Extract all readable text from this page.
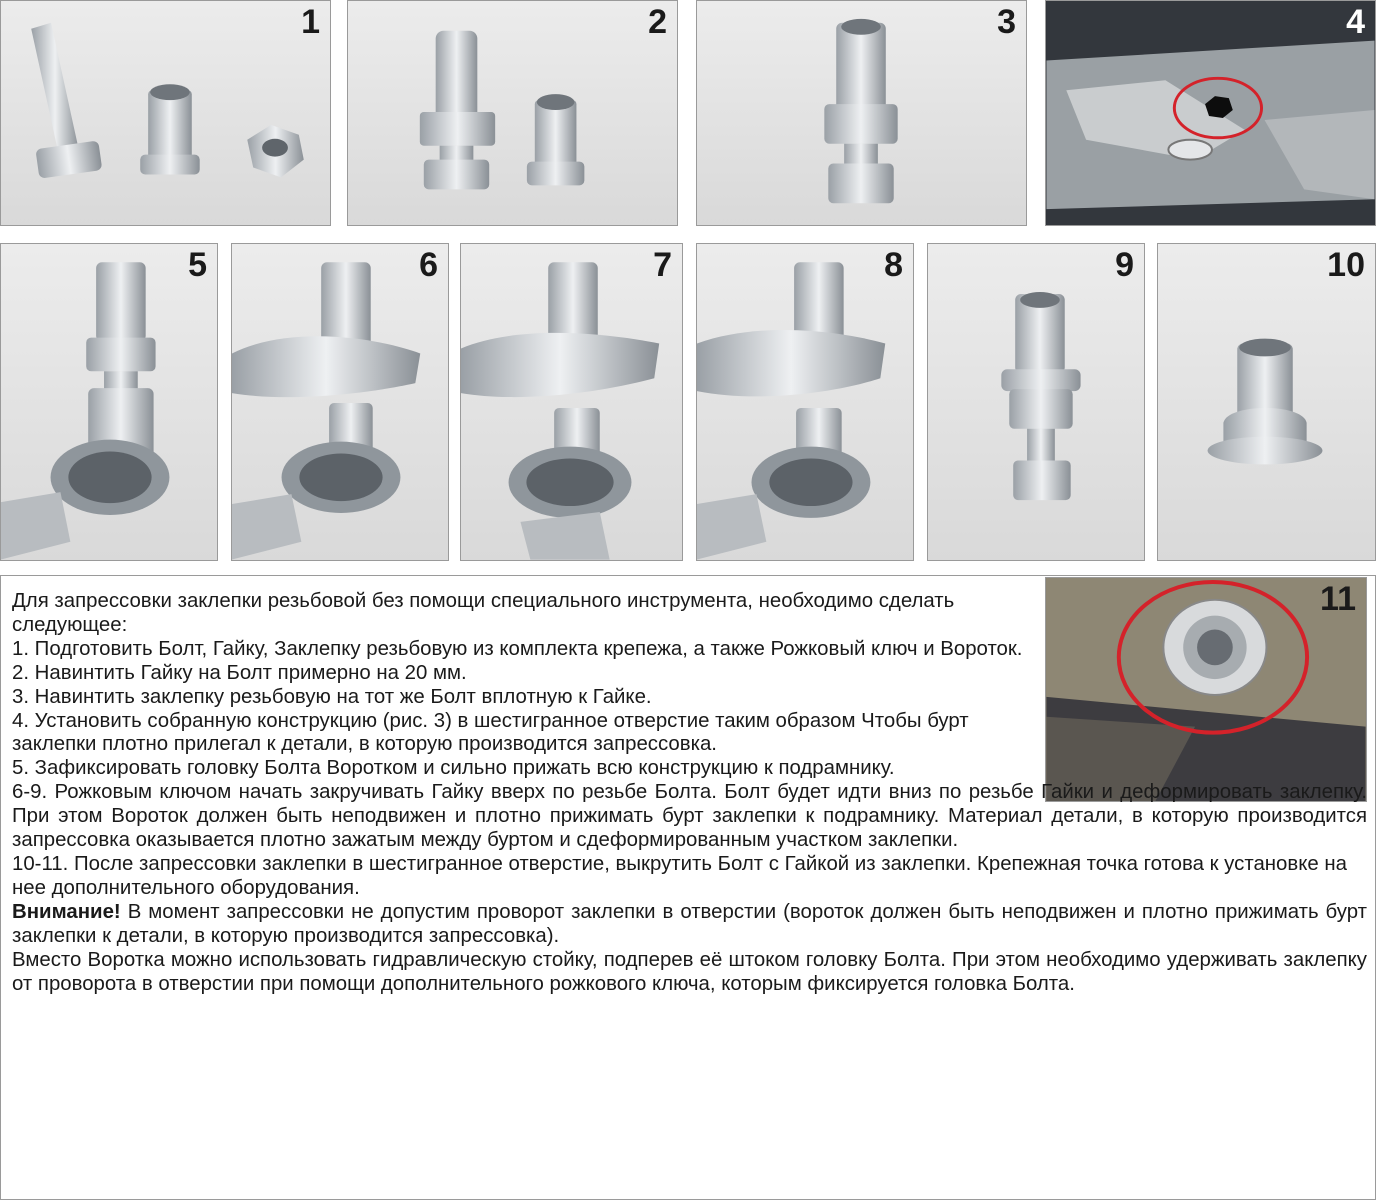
1	2	3	4
5	6	7	8	9	10
11

Для запрессовки заклепки резьбовой без помощи специального инструмента, необходимо сделать следующее:

1. Подготовить Болт, Гайку, Заклепку резьбовую из комплекта крепежа, а также Рожковый ключ и Вороток.

2. Навинтить Гайку на Болт примерно на 20 мм.

3. Навинтить заклепку резьбовую на тот же Болт вплотную к Гайке.

4. Установить собранную конструкцию (рис. 3) в шестигранное отверстие таким образом Чтобы бурт заклепки плотно прилегал к детали, в которую производится запрессовка.

5. Зафиксировать головку Болта Воротком и сильно прижать всю конструкцию к подрамнику.

6-9. Рожковым ключом начать закручивать Гайку вверх по резьбе Болта. Болт будет идти вниз по резьбе Гайки и деформировать заклепку. При этом Вороток должен быть неподвижен и плотно прижимать бурт заклепки к подрамнику. Материал детали, в которую производится запрессовка оказывается плотно зажатым между буртом и сдеформированным участком заклепки.

10-11. После запрессовки заклепки в шестигранное отверстие, выкрутить Болт с Гайкой из заклепки. Крепежная точка готова к установке на нее дополнительного оборудования.

Внимание! В момент запрессовки не допустим проворот заклепки в отверстии (вороток должен быть неподвижен и плотно прижимать бурт заклепки к детали, в которую производится запрессовка).

Вместо Воротка можно использовать гидравлическую стойку, подперев её штоком головку Болта. При этом необходимо удерживать заклепку от проворота в отверстии при помощи дополнительного рожкового ключа, которым фиксируется головка Болта.
